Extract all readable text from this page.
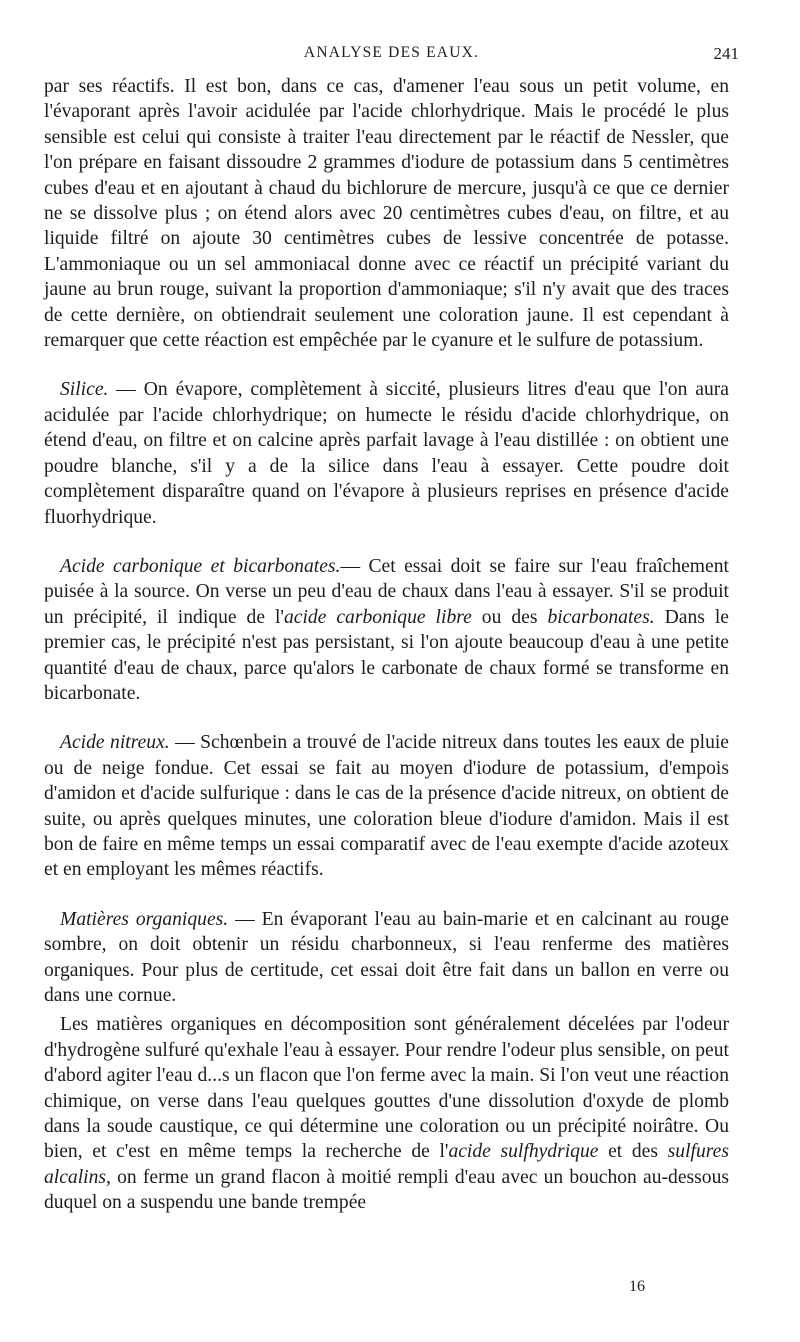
ANALYSE DES EAUX.	241

par ses réactifs. Il est bon, dans ce cas, d'amener l'eau sous un petit volume, en l'évaporant après l'avoir acidulée par l'acide chlorhydrique. Mais le procédé le plus sensible est celui qui consiste à traiter l'eau directement par le réactif de Nessler, que l'on prépare en faisant dissoudre 2 grammes d'iodure de potassium dans 5 centimètres cubes d'eau et en ajoutant à chaud du bichlorure de mercure, jusqu'à ce que ce dernier ne se dissolve plus ; on étend alors avec 20 centimètres cubes d'eau, on filtre, et au liquide filtré on ajoute 30 centimètres cubes de lessive concentrée de potasse. L'ammoniaque ou un sel ammoniacal donne avec ce réactif un précipité variant du jaune au brun rouge, suivant la proportion d'ammoniaque; s'il n'y avait que des traces de cette dernière, on obtiendrait seulement une coloration jaune. Il est cependant à remarquer que cette réaction est empêchée par le cyanure et le sulfure de potassium.

Silice. — On évapore, complètement à siccité, plusieurs litres d'eau que l'on aura acidulée par l'acide chlorhydrique; on humecte le résidu d'acide chlorhydrique, on étend d'eau, on filtre et on calcine après parfait lavage à l'eau distillée : on obtient une poudre blanche, s'il y a de la silice dans l'eau à essayer. Cette poudre doit complètement disparaître quand on l'évapore à plusieurs reprises en présence d'acide fluorhydrique.

Acide carbonique et bicarbonates.— Cet essai doit se faire sur l'eau fraîchement puisée à la source. On verse un peu d'eau de chaux dans l'eau à essayer. S'il se produit un précipité, il indique de l'acide carbonique libre ou des bicarbonates. Dans le premier cas, le précipité n'est pas persistant, si l'on ajoute beaucoup d'eau à une petite quantité d'eau de chaux, parce qu'alors le carbonate de chaux formé se transforme en bicarbonate.

Acide nitreux. — Schœnbein a trouvé de l'acide nitreux dans toutes les eaux de pluie ou de neige fondue. Cet essai se fait au moyen d'iodure de potassium, d'empois d'amidon et d'acide sulfurique : dans le cas de la présence d'acide nitreux, on obtient de suite, ou après quelques minutes, une coloration bleue d'iodure d'amidon. Mais il est bon de faire en même temps un essai comparatif avec de l'eau exempte d'acide azoteux et en employant les mêmes réactifs.

Matières organiques. — En évaporant l'eau au bain-marie et en calcinant au rouge sombre, on doit obtenir un résidu charbonneux, si l'eau renferme des matières organiques. Pour plus de certitude, cet essai doit être fait dans un ballon en verre ou dans une cornue.

Les matières organiques en décomposition sont généralement décelées par l'odeur d'hydrogène sulfuré qu'exhale l'eau à essayer. Pour rendre l'odeur plus sensible, on peut d'abord agiter l'eau d...s un flacon que l'on ferme avec la main. Si l'on veut une réaction chimique, on verse dans l'eau quelques gouttes d'une dissolution d'oxyde de plomb dans la soude caustique, ce qui détermine une coloration ou un précipité noirâtre. Ou bien, et c'est en même temps la recherche de l'acide sulfhydrique et des sulfures alcalins, on ferme un grand flacon à moitié rempli d'eau avec un bouchon au-dessous duquel on a suspendu une bande trempée

16
